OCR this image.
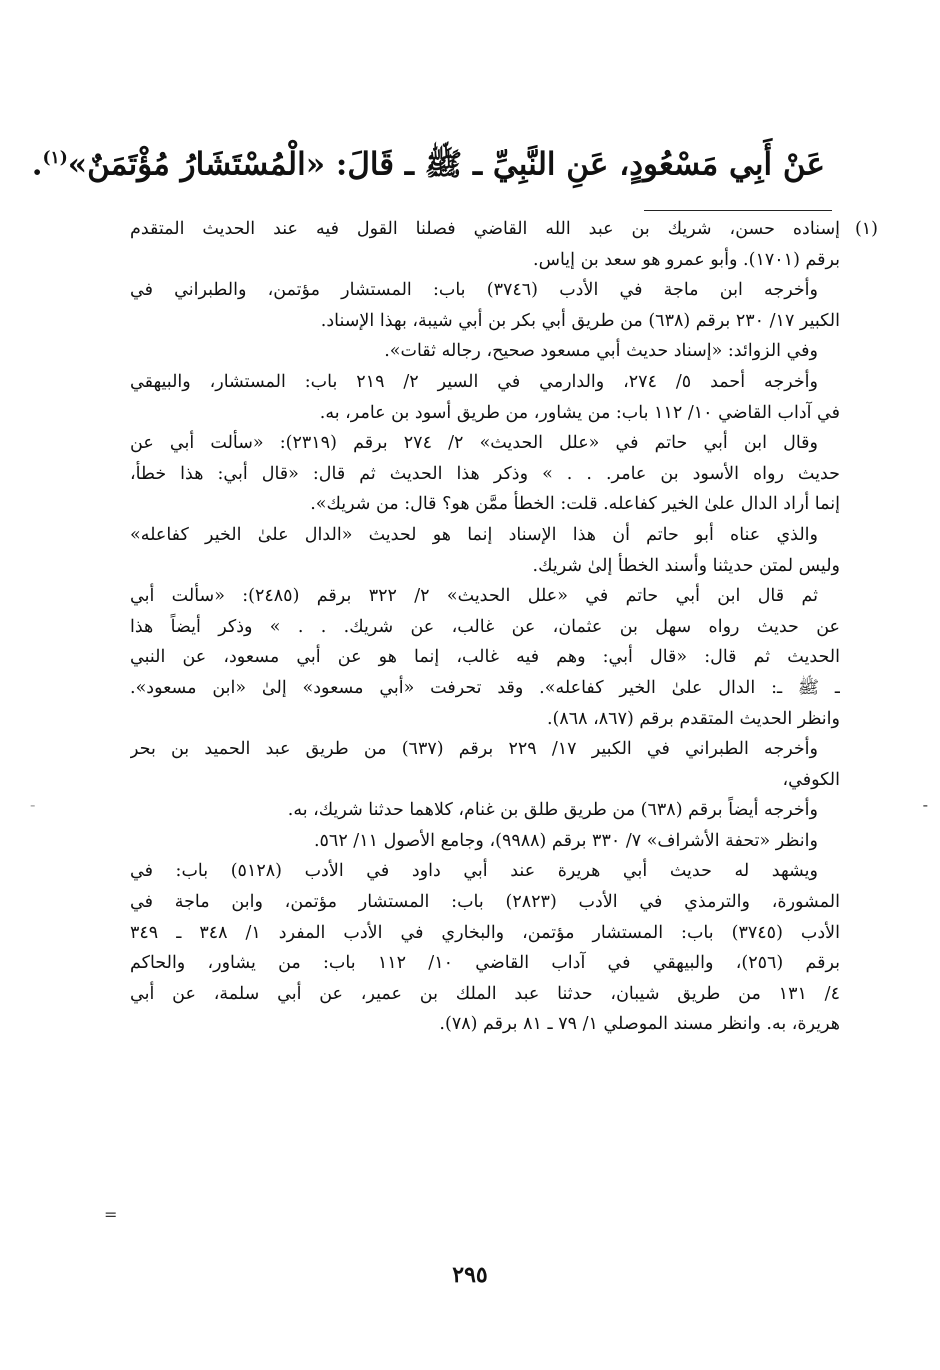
عَنْ أَبِي مَسْعُودٍ، عَنِ النَّبِيِّ ـ ﷺ ـ قَالَ: «الْمُسْتَشَارُ مُؤْتَمَنٌ»$^{(١)}$.
(١)
إسناده حسن، شريك بن عبد الله القاضي فصلنا القول فيه عند الحديث المتقدم
برقم (١٧٠١). وأبو عمرو هو سعد بن إياس.
وأخرجه ابن ماجة في الأدب (٣٧٤٦) باب: المستشار مؤتمن، والطبراني في
الكبير ١٧/ ٢٣٠ برقم (٦٣٨) من طريق أبي بكر بن أبي شيبة، بهذا الإسناد.
وفي الزوائد: «إسناد حديث أبي مسعود صحيح، رجاله ثقات».
وأخرجه أحمد ٥/ ٢٧٤، والدارمي في السير ٢/ ٢١٩ باب: المستشار، والبيهقي
في آداب القاضي ١٠/ ١١٢ باب: من يشاور، من طريق أسود بن عامر، به.
وقال ابن أبي حاتم في «علل الحديث» ٢/ ٢٧٤ برقم (٢٣١٩): «سألت أبي عن
حديث رواه الأسود بن عامر. . . » وذكر هذا الحديث ثم قال: «قال أبي: هذا خطأ،
إنما أراد الدال علىٰ الخير كفاعله. قلت: الخطأ ممَّن هو؟ قال: من شريك».
والذي عناه أبو حاتم أن هذا الإسناد إنما هو لحديث «الدال علىٰ الخير كفاعله»
وليس لمتن حديثنا وأسند الخطأ إلىٰ شريك.
ثم قال ابن أبي حاتم في «علل الحديث» ٢/ ٣٢٢ برقم (٢٤٨٥): «سألت أبي
عن حديث رواه سهل بن عثمان، عن غالب، عن شريك. . . » وذكر أيضاً هذا
الحديث ثم قال: «قال أبي: وهم فيه غالب، إنما هو عن أبي مسعود، عن النبي
ـ ﷺ ـ: الدال علىٰ الخير كفاعله». وقد تحرفت «أبي مسعود» إلىٰ «ابن مسعود».
وانظر الحديث المتقدم برقم (٨٦٧، ٨٦٨).
وأخرجه الطبراني في الكبير ١٧/ ٢٢٩ برقم (٦٣٧) من طريق عبد الحميد بن بحر
الكوفي،
وأخرجه أيضاً برقم (٦٣٨) من طريق طلق بن غنام، كلاهما حدثنا شريك، به.
وانظر «تحفة الأشراف» ٧/ ٣٣٠ برقم (٩٩٨٨)، وجامع الأصول ١١/ ٥٦٢.
ويشهد له حديث أبي هريرة عند أبي داود في الأدب (٥١٢٨) باب: في
المشورة، والترمذي في الأدب (٢٨٢٣) باب: المستشار مؤتمن، وابن ماجة في
الأدب (٣٧٤٥) باب: المستشار مؤتمن، والبخاري في الأدب المفرد ١/ ٣٤٨ ـ ٣٤٩
برقم (٢٥٦)، والبيهقي في آداب القاضي ١٠/ ١١٢ باب: من يشاور، والحاكم
٤/ ١٣١ من طريق شيبان، حدثنا عبد الملك بن عمير، عن أبي سلمة، عن أبي
هريرة، به. وانظر مسند الموصلي ١/ ٧٩ ـ ٨١ برقم (٧٨).
-
=
-
٢٩٥
